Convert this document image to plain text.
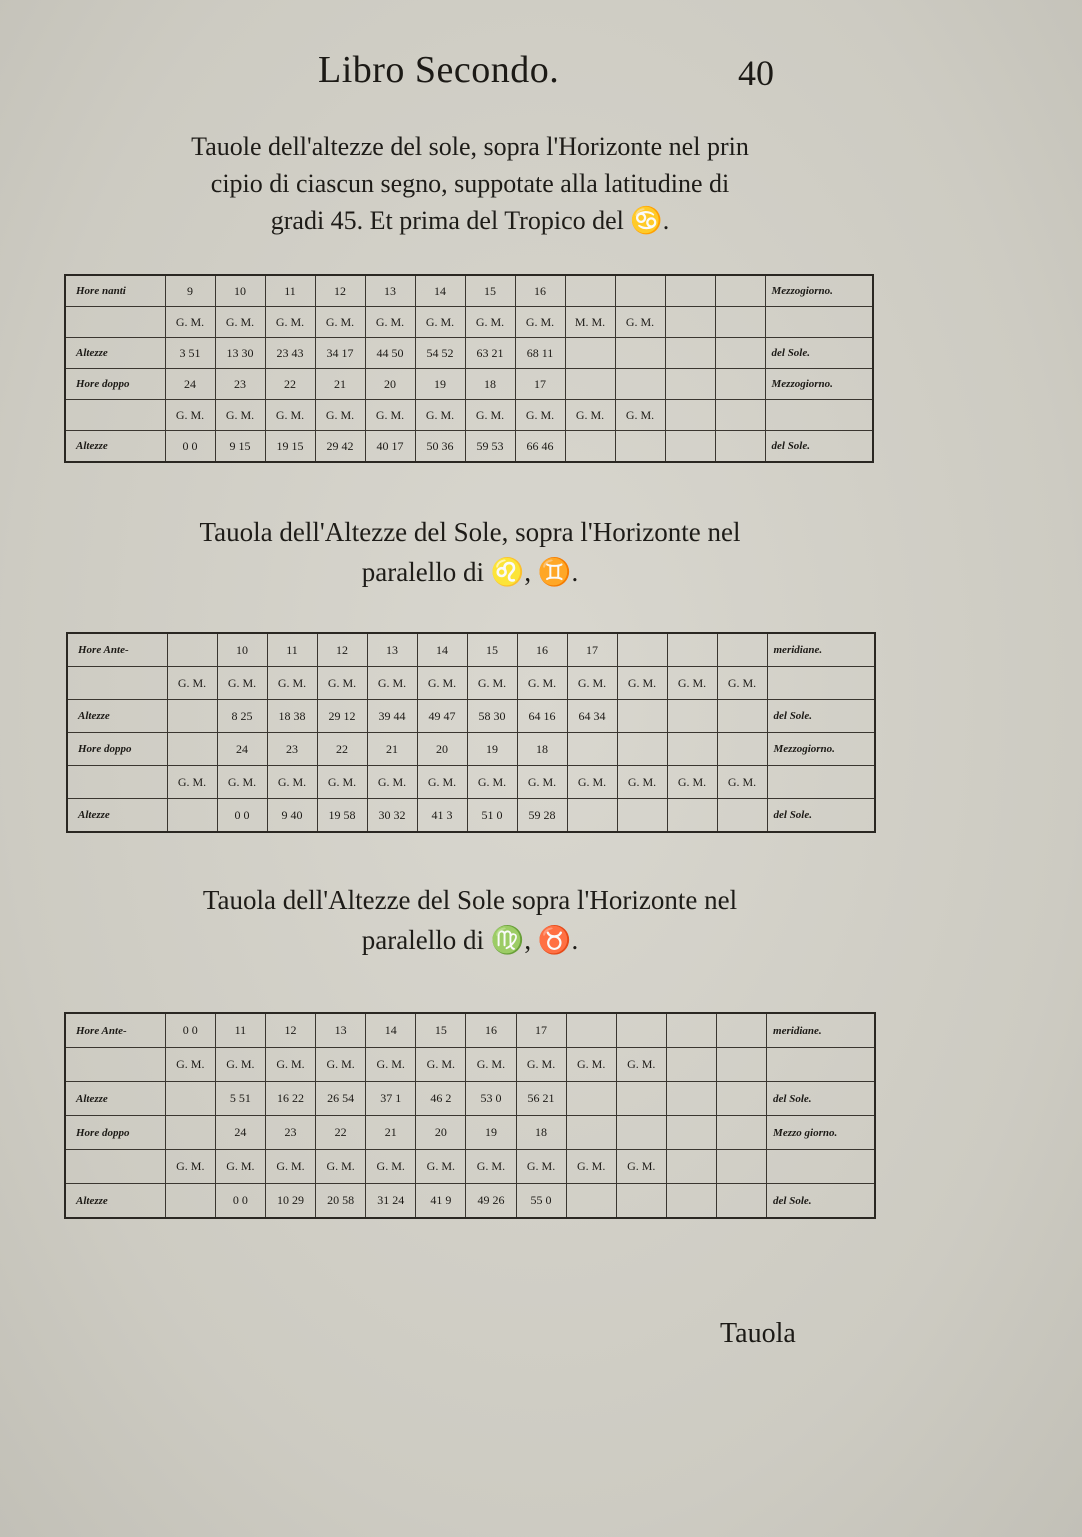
Libro Secondo.	40
Tauole dell'altezze del sole, sopra l'Horizonte nel prin
cipio di ciascun segno, suppotate alla latitudine di
gradi 45. Et prima del Tropico del ♋.
Hore nanti	9	10	11	12	13	14	15	16					Mezzogiorno.
	G. M.	G. M.	G. M.	G. M.	G. M.	G. M.	G. M.	G. M.	M. M.	G. M.			
Altezze	3 51	13 30	23 43	34 17	44 50	54 52	63 21	68 11					del Sole.
Hore doppo	24	23	22	21	20	19	18	17					Mezzogiorno.
	G. M.	G. M.	G. M.	G. M.	G. M.	G. M.	G. M.	G. M.	G. M.	G. M.			
Altezze	0 0	9 15	19 15	29 42	40 17	50 36	59 53	66 46					del Sole.
Tauola dell'Altezze del Sole, sopra l'Horizonte nel
paralello di ♌, ♊.
Hore Ante-		10	11	12	13	14	15	16	17				meridiane.
	G. M.	G. M.	G. M.	G. M.	G. M.	G. M.	G. M.	G. M.	G. M.	G. M.	G. M.	G. M.	
Altezze		8 25	18 38	29 12	39 44	49 47	58 30	64 16	64 34				del Sole.
Hore doppo		24	23	22	21	20	19	18					Mezzogiorno.
	G. M.	G. M.	G. M.	G. M.	G. M.	G. M.	G. M.	G. M.	G. M.	G. M.	G. M.	G. M.	
Altezze		0 0	9 40	19 58	30 32	41 3	51 0	59 28					del Sole.
Tauola dell'Altezze del Sole sopra l'Horizonte nel
paralello di ♍, ♉.
Hore Ante-	0 0	11	12	13	14	15	16	17					meridiane.
	G. M.	G. M.	G. M.	G. M.	G. M.	G. M.	G. M.	G. M.	G. M.	G. M.			
Altezze		5 51	16 22	26 54	37 1	46 2	53 0	56 21					del Sole.
Hore doppo		24	23	22	21	20	19	18					Mezzo giorno.
	G. M.	G. M.	G. M.	G. M.	G. M.	G. M.	G. M.	G. M.	G. M.	G. M.			
Altezze		0 0	10 29	20 58	31 24	41 9	49 26	55 0					del Sole.
Tauola
